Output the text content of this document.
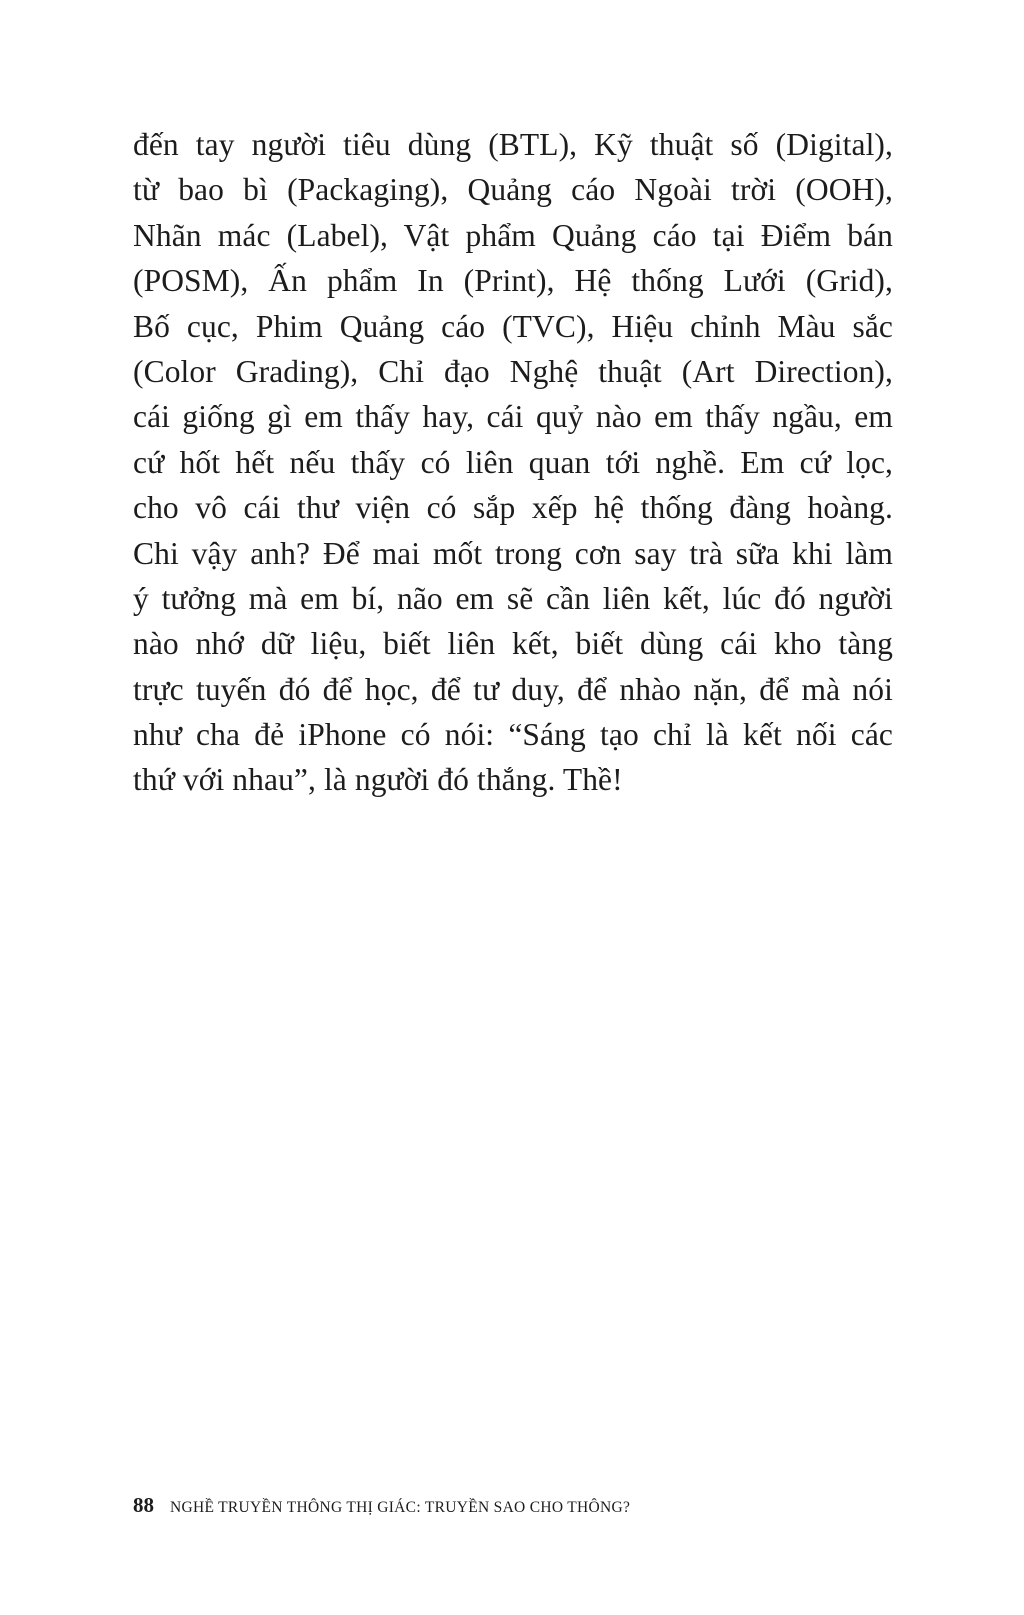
đến tay người tiêu dùng (BTL), Kỹ thuật số (Digital),
từ bao bì (Packaging), Quảng cáo Ngoài trời (OOH),
Nhãn mác (Label), Vật phẩm Quảng cáo tại Điểm bán
(POSM), Ấn phẩm In (Print), Hệ thống Lưới (Grid),
Bố cục, Phim Quảng cáo (TVC), Hiệu chỉnh Màu sắc
(Color Grading), Chỉ đạo Nghệ thuật (Art Direction),
cái giống gì em thấy hay, cái quỷ nào em thấy ngầu, em
cứ hốt hết nếu thấy có liên quan tới nghề. Em cứ lọc,
cho vô cái thư viện có sắp xếp hệ thống đàng hoàng.
Chi vậy anh? Để mai mốt trong cơn say trà sữa khi làm
ý tưởng mà em bí, não em sẽ cần liên kết, lúc đó người
nào nhớ dữ liệu, biết liên kết, biết dùng cái kho tàng
trực tuyến đó để học, để tư duy, để nhào nặn, để mà nói
như cha đẻ iPhone có nói: “Sáng tạo chỉ là kết nối các
thứ với nhau”, là người đó thắng. Thề!
88 NGHỀ TRUYỀN THÔNG THỊ GIÁC: TRUYỀN SAO CHO THÔNG?
